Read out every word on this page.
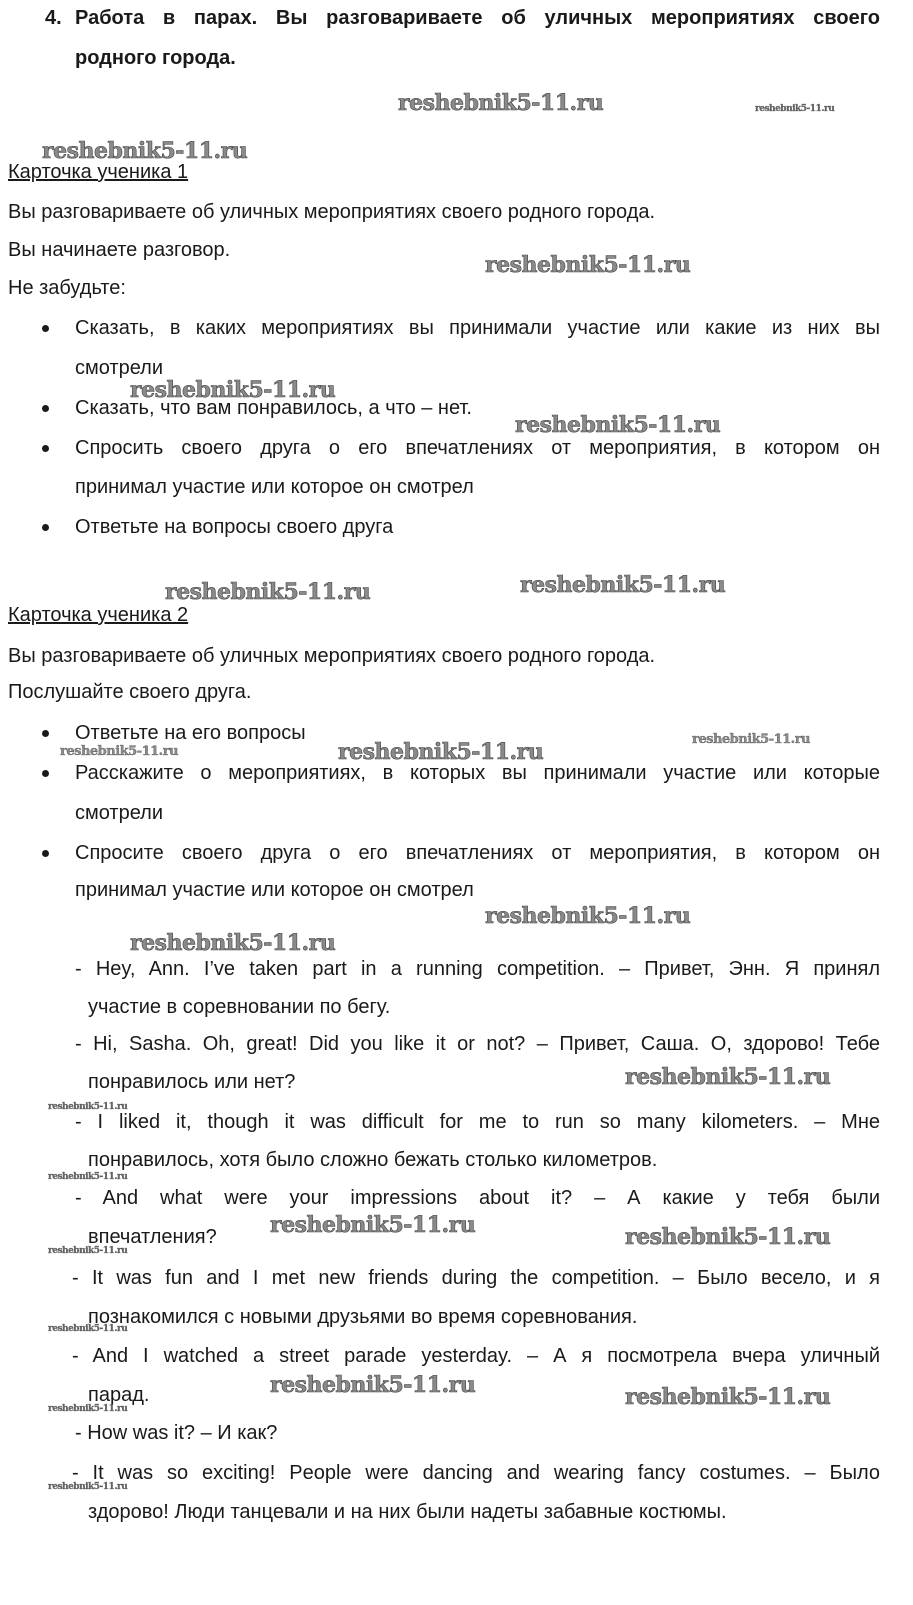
4. Работа в парах. Вы разговариваете об уличных мероприятиях своего
родного города.
Карточка ученика 1
Вы разговариваете об уличных мероприятиях своего родного города.
Вы начинаете разговор.
Не забудьте:
Сказать, в каких мероприятиях вы принимали участие или какие из них вы
смотрели
Сказать, что вам понравилось, а что – нет.
Спросить своего друга о его впечатлениях от мероприятия, в котором он
принимал участие или которое он смотрел
Ответьте на вопросы своего друга
Карточка ученика 2
Вы разговариваете об уличных мероприятиях своего родного города.
Послушайте своего друга.
Ответьте на его вопросы
Расскажите о мероприятиях, в которых вы принимали участие или которые
смотрели
Спросите своего друга о его впечатлениях от мероприятия, в котором он
принимал участие или которое он смотрел
- Hey, Ann. I’ve taken part in a running competition. – Привет, Энн. Я принял
участие в соревновании по бегу.
- Hi, Sasha. Oh, great! Did you like it or not? – Привет, Саша. О, здорово! Тебе
понравилось или нет?
- I liked it, though it was difficult for me to run so many kilometers. – Мне
понравилось, хотя было сложно бежать столько километров.
- And what were your impressions about it? – А какие у тебя были
впечатления?
- It was fun and I met new friends during the competition. – Было весело, и я
познакомился с новыми друзьями во время соревнования.
- And I watched a street parade yesterday. – А я посмотрела вчера уличный
парад.
- How was it? – И как?
- It was so exciting! People were dancing and wearing fancy costumes. – Было
здорово! Люди танцевали и на них были надеты забавные костюмы.
reshebnik5-11.ru	reshebnik5-11.ru
reshebnik5-11.ru
reshebnik5-11.ru
reshebnik5-11.ru
reshebnik5-11.ru
reshebnik5-11.ru	reshebnik5-11.ru
reshebnik5-11.ru	reshebnik5-11.ru	reshebnik5-11.ru
reshebnik5-11.ru
reshebnik5-11.ru
reshebnik5-11.ru
reshebnik5-11.ru
reshebnik5-11.ru
reshebnik5-11.ru	reshebnik5-11.ru
reshebnik5-11.ru
reshebnik5-11.ru
reshebnik5-11.ru	reshebnik5-11.ru
reshebnik5-11.ru
reshebnik5-11.ru
